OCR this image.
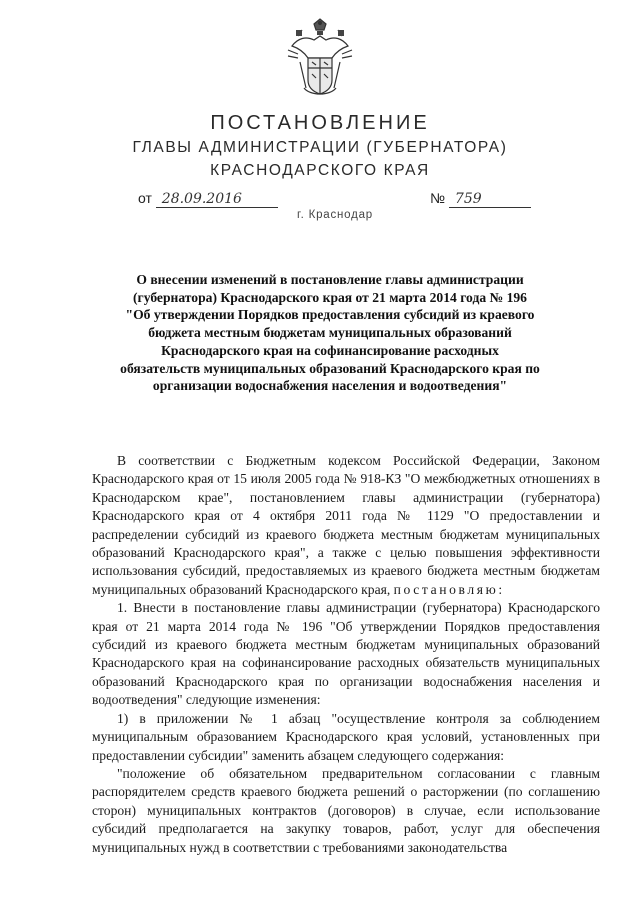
ПОСТАНОВЛЕНИЕ
ГЛАВЫ АДМИНИСТРАЦИИ (ГУБЕРНАТОРА)
КРАСНОДАРСКОГО КРАЯ
от 28.09.2016	№ 759
г. Краснодар
О внесении изменений в постановление главы администрации (губернатора) Краснодарского края от 21 марта 2014 года № 196 "Об утверждении Порядков предоставления субсидий из краевого бюджета местным бюджетам муниципальных образований Краснодарского края на софинансирование расходных обязательств муниципальных образований Краснодарского края по организации водоснабжения населения и водоотведения"

В соответствии с Бюджетным кодексом Российской Федерации, Законом Краснодарского края от 15 июля 2005 года № 918-КЗ "О межбюджетных отношениях в Краснодарском крае", постановлением главы администрации (губернатора) Краснодарского края от 4 октября 2011 года № 1129 "О предоставлении и распределении субсидий из краевого бюджета местным бюджетам муниципальных образований Краснодарского края", а также с целью повышения эффективности использования субсидий, предоставляемых из краевого бюджета местным бюджетам муниципальных образований Краснодарского края, постановляю:

1. Внести в постановление главы администрации (губернатора) Краснодарского края от 21 марта 2014 года № 196 "Об утверждении Порядков предоставления субсидий из краевого бюджета местным бюджетам муниципальных образований Краснодарского края на софинансирование расходных обязательств муниципальных образований Краснодарского края по организации водоснабжения населения и водоотведения" следующие изменения:

1) в приложении № 1 абзац "осуществление контроля за соблюдением муниципальным образованием Краснодарского края условий, установленных при предоставлении субсидии" заменить абзацем следующего содержания:

"положение об обязательном предварительном согласовании с главным распорядителем средств краевого бюджета решений о расторжении (по соглашению сторон) муниципальных контрактов (договоров) в случае, если использование субсидий предполагается на закупку товаров, работ, услуг для обеспечения муниципальных нужд в соответствии с требованиями законодательства
